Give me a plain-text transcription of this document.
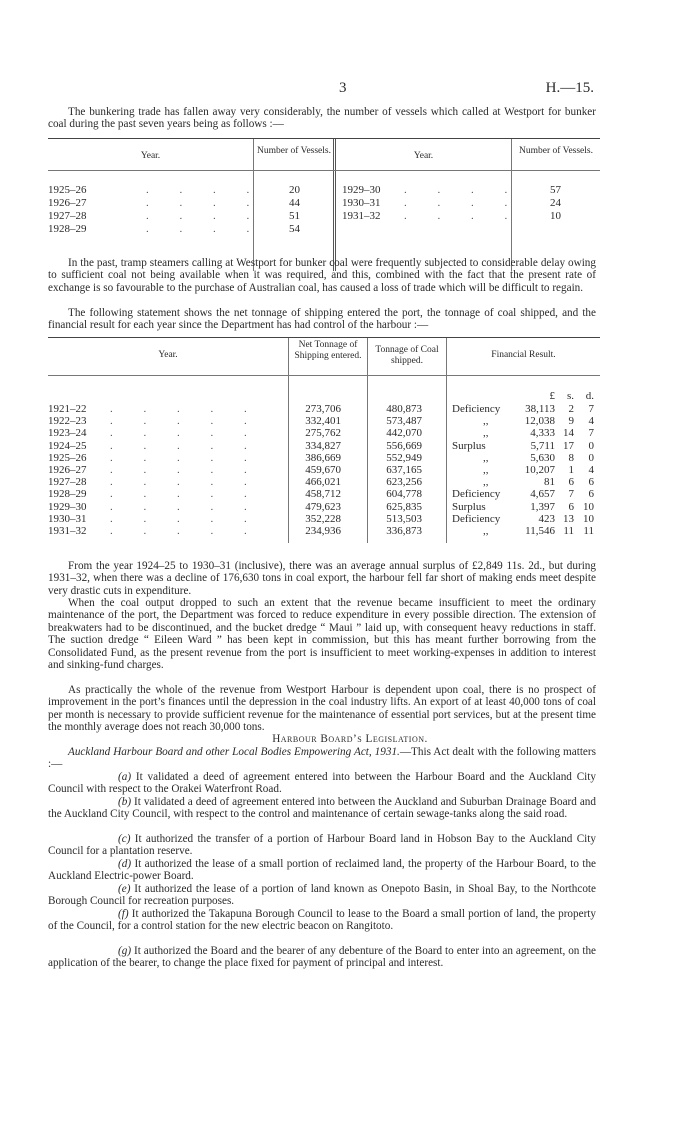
3	H.—15.

The bunkering trade has fallen away very considerably, the number of vessels which called at Westport for bunker coal during the past seven years being as follows :—

Year.	Number of Vessels.	Year.	Number of Vessels.
1925–26	. . . .	20
1926–27	. . . .	44
1927–28	. . . .	51
1928–29	. . . .	54
1929–30 . . . .	57
1930–31 . . . .	24
1931–32 . . . .	10

In the past, tramp steamers calling at Westport for bunker coal were frequently subjected to considerable delay owing to sufficient coal not being available when it was required, and this, combined with the fact that the present rate of exchange is so favourable to the purchase of Australian coal, has caused a loss of trade which will be difficult to regain.

The following statement shows the net tonnage of shipping entered the port, the tonnage of coal shipped, and the financial result for each year since the Department has had control of the harbour :—

Year.
Net Tonnage of Shipping entered.
Tonnage of Coal shipped.
Financial Result.
£	s.	d.
1921–22 . . . . .	273,706	480,873	Deficiency	38,113	2	7
1922–23 . . . . .	332,401	573,487	,,	12,038	9	4
1923–24 . . . . .	275,762	442,070	,,	4,333 14	7
1924–25 . . . . .	334,827	556,669	Surplus	5,711 17	0
1925–26 . . . . .	386,669	552,949	,,	5,630	8	0
1926–27 . . . . .	459,670	637,165	,,	10,207	1	4
1927–28 . . . . .	466,021	623,256	,,	81	6	6
1928–29 . . . . .	458,712	604,778	Deficiency	4,657	7	6
1929–30 . . . . .	479,623	625,835	Surplus	1,397	6 10
1930–31 . . . . .	352,228	513,503	Deficiency	423 13 10
1931–32 . . . . .	234,936	336,873	,,	11,546 11 11

From the year 1924–25 to 1930–31 (inclusive), there was an average annual surplus of £2,849 11s. 2d., but during 1931–32, when there was a decline of 176,630 tons in coal export, the harbour fell far short of making ends meet despite very drastic cuts in expenditure.

When the coal output dropped to such an extent that the revenue became insufficient to meet the ordinary maintenance of the port, the Department was forced to reduce expenditure in every possible direction. The extension of breakwaters had to be discontinued, and the bucket dredge “ Maui ” laid up, with consequent heavy reductions in staff. The suction dredge “ Eileen Ward ” has been kept in commission, but this has meant further borrowing from the Consolidated Fund, as the present revenue from the port is insufficient to meet working-expenses in addition to interest and sinking-fund charges.

As practically the whole of the revenue from Westport Harbour is dependent upon coal, there is no prospect of improvement in the port’s finances until the depression in the coal industry lifts. An export of at least 40,000 tons of coal per month is necessary to provide sufficient revenue for the maintenance of essential port services, but at the present time the monthly average does not reach 30,000 tons.

Harbour Board’s Legislation.

Auckland Harbour Board and other Local Bodies Empowering Act, 1931.—This Act dealt with the following matters :—

(a) It validated a deed of agreement entered into between the Harbour Board and the Auckland City Council with respect to the Orakei Waterfront Road.

(b) It validated a deed of agreement entered into between the Auckland and Suburban Drainage Board and the Auckland City Council, with respect to the control and maintenance of certain sewage-tanks along the said road.

(c) It authorized the transfer of a portion of Harbour Board land in Hobson Bay to the Auckland City Council for a plantation reserve.

(d) It authorized the lease of a small portion of reclaimed land, the property of the Harbour Board, to the Auckland Electric-power Board.

(e) It authorized the lease of a portion of land known as Onepoto Basin, in Shoal Bay, to the Northcote Borough Council for recreation purposes.

(f) It authorized the Takapuna Borough Council to lease to the Board a small portion of land, the property of the Council, for a control station for the new electric beacon on Rangitoto.

(g) It authorized the Board and the bearer of any debenture of the Board to enter into an agreement, on the application of the bearer, to change the place fixed for payment of principal and interest.
